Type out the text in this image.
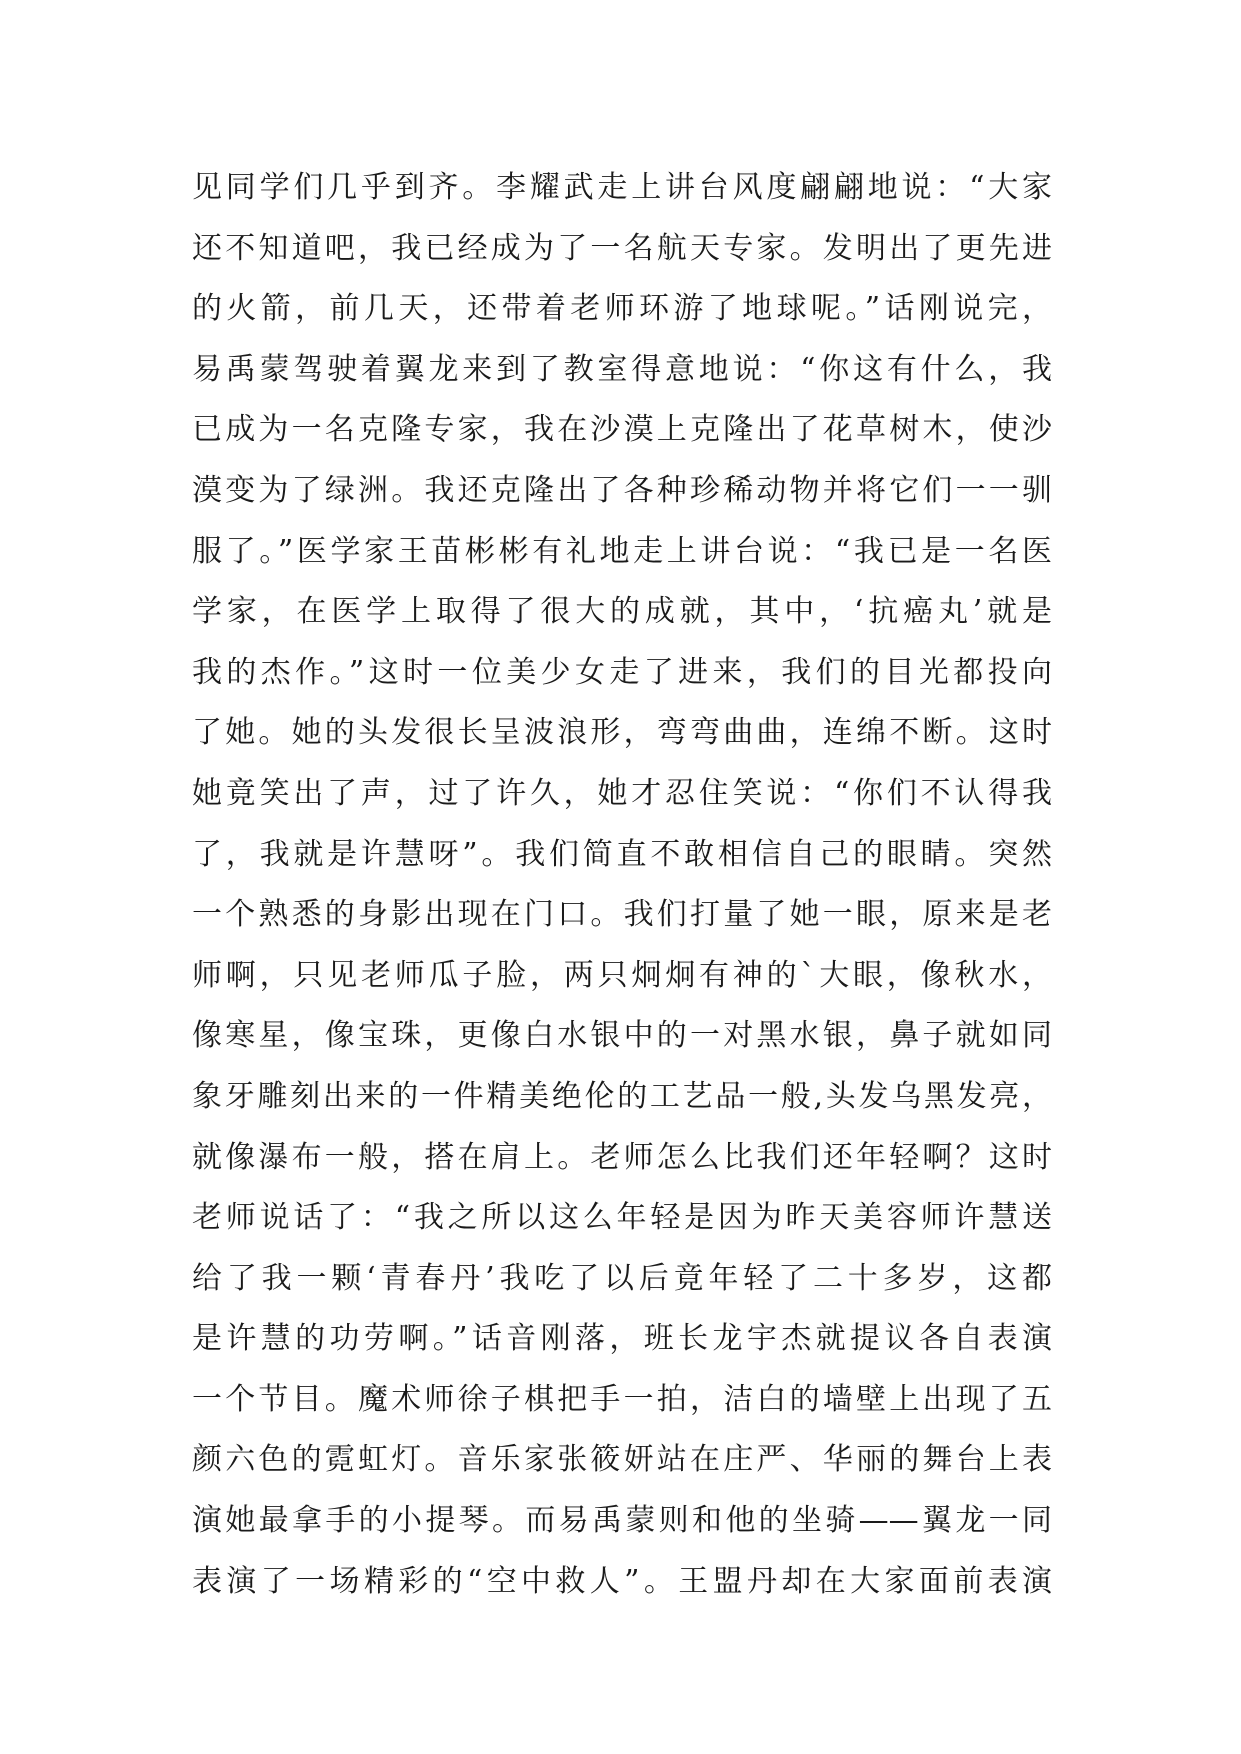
见同学们几乎到齐。李耀武走上讲台风度翩翩地说：“大家
还不知道吧，我已经成为了一名航天专家。发明出了更先进
的火箭，前几天，还带着老师环游了地球呢。”话刚说完，
易禹蒙驾驶着翼龙来到了教室得意地说：“你这有什么，我
已成为一名克隆专家，我在沙漠上克隆出了花草树木，使沙
漠变为了绿洲。我还克隆出了各种珍稀动物并将它们一一驯
服了。”医学家王苗彬彬有礼地走上讲台说：“我已是一名医
学家，在医学上取得了很大的成就，其中，‘抗癌丸’就是
我的杰作。”这时一位美少女走了进来，我们的目光都投向
了她。她的头发很长呈波浪形，弯弯曲曲，连绵不断。这时
她竟笑出了声，过了许久，她才忍住笑说：“你们不认得我
了，我就是许慧呀”。我们简直不敢相信自己的眼睛。突然
一个熟悉的身影出现在门口。我们打量了她一眼，原来是老
师啊，只见老师瓜子脸，两只炯炯有神的`大眼，像秋水，
像寒星，像宝珠，更像白水银中的一对黑水银，鼻子就如同
象牙雕刻出来的一件精美绝伦的工艺品一般,头发乌黑发亮，
就像瀑布一般，搭在肩上。老师怎么比我们还年轻啊？这时
老师说话了：“我之所以这么年轻是因为昨天美容师许慧送
给了我一颗‘青春丹’我吃了以后竟年轻了二十多岁，这都
是许慧的功劳啊。”话音刚落，班长龙宇杰就提议各自表演
一个节目。魔术师徐子棋把手一拍，洁白的墙壁上出现了五
颜六色的霓虹灯。音乐家张筱妍站在庄严、华丽的舞台上表
演她最拿手的小提琴。而易禹蒙则和他的坐骑——翼龙一同
表演了一场精彩的“空中救人”。王盟丹却在大家面前表演
